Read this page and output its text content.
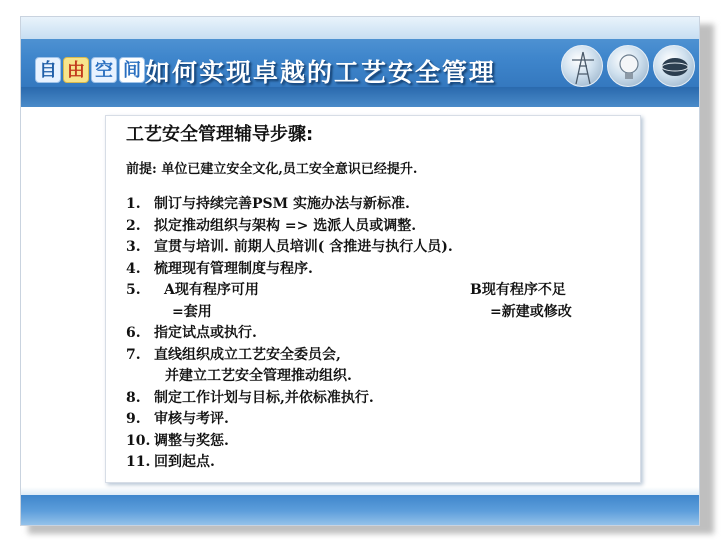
自 由 空 间 如何实现卓越的工艺安全管理
工艺安全管理辅导步骤:
前提: 单位已建立安全文化,员工安全意识已经提升.
1. 制订与持续完善PSM 实施办法与新标准.
2. 拟定推动组织与架构 => 选派人员或调整.
3. 宣贯与培训. 前期人员培训( 含推进与执行人员).
4. 梳理现有管理制度与程序.
5. A现有程序可用	B现有程序不足
=套用	=新建或修改
6. 指定试点或执行.
7. 直线组织成立工艺安全委员会,
并建立工艺安全管理推动组织.
8. 制定工作计划与目标,并依标准执行.
9. 审核与考评.
10. 调整与奖惩.
11. 回到起点.
